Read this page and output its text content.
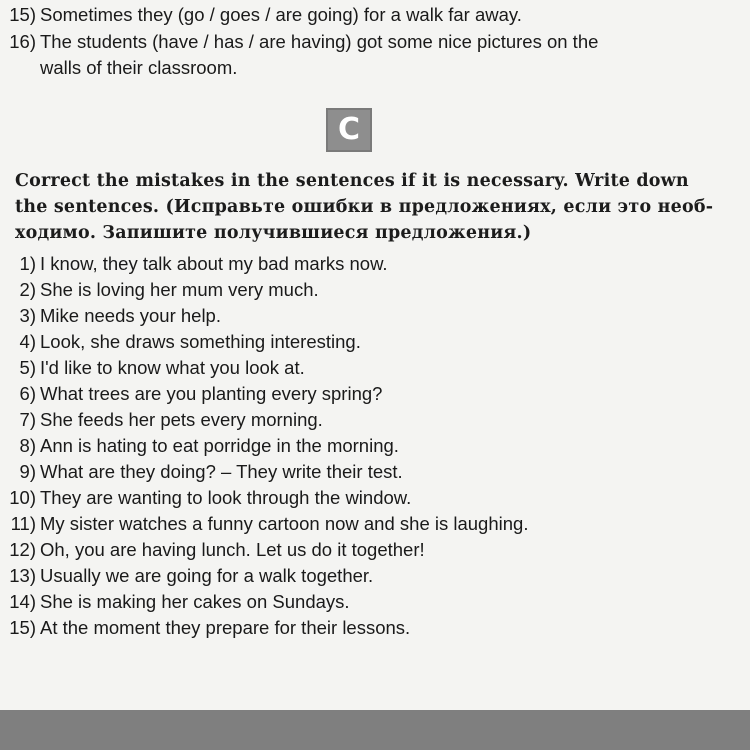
15) Sometimes they (go / goes / are going) for a walk far away.
16) The students (have / has / are having) got some nice pictures on the
walls of their classroom.
C
Correct the mistakes in the sentences if it is necessary. Write down
the sentences. (Исправьте ошибки в предложениях, если это необ-
ходимо. Запишите получившиеся предложения.)
1) I know, they talk about my bad marks now.
2) She is loving her mum very much.
3) Mike needs your help.
4) Look, she draws something interesting.
5) I'd like to know what you look at.
6) What trees are you planting every spring?
7) She feeds her pets every morning.
8) Ann is hating to eat porridge in the morning.
9) What are they doing? – They write their test.
10) They are wanting to look through the window.
11) My sister watches a funny cartoon now and she is laughing.
12) Oh, you are having lunch. Let us do it together!
13) Usually we are going for a walk together.
14) She is making her cakes on Sundays.
15) At the moment they prepare for their lessons.
